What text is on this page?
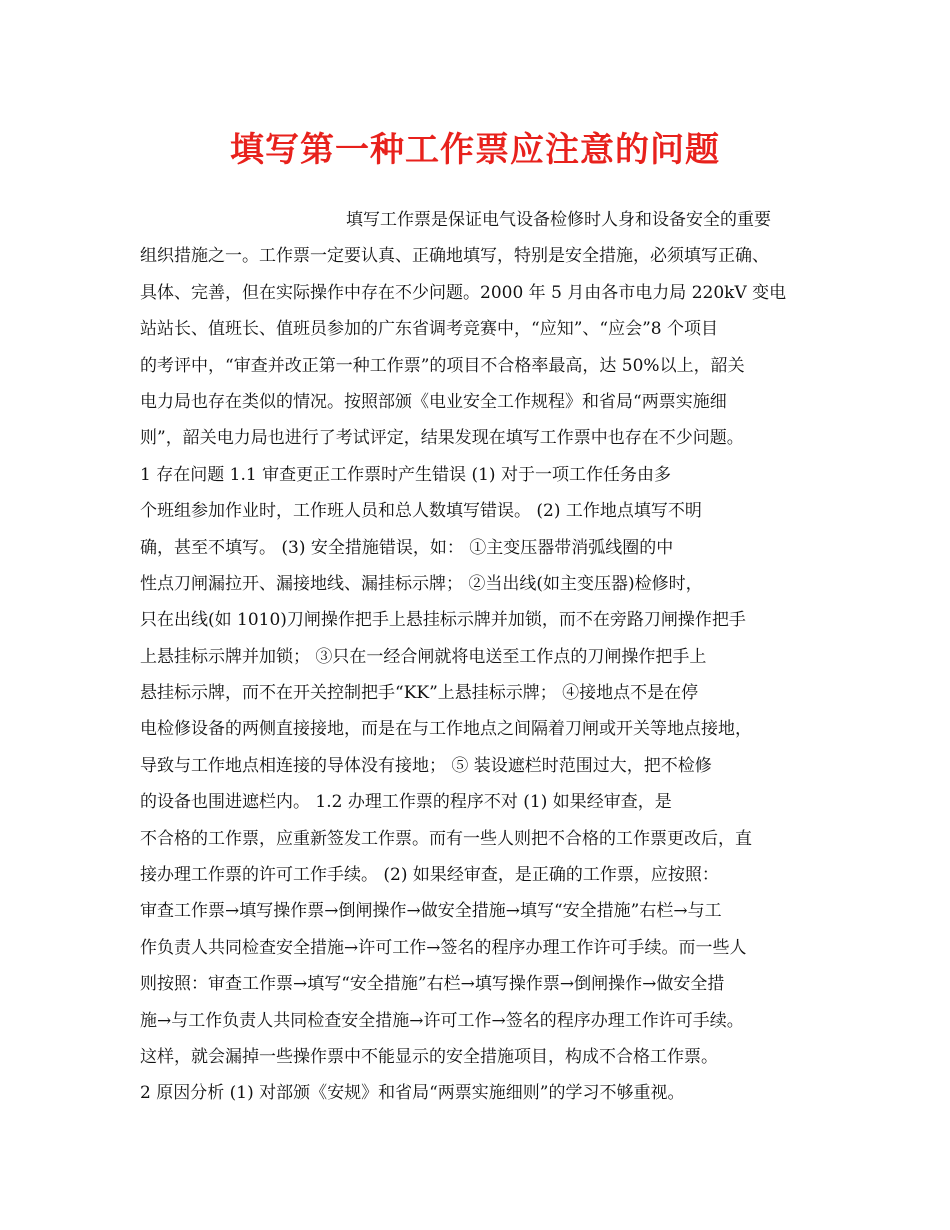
填写第一种工作票应注意的问题
填写工作票是保证电气设备检修时人身和设备安全的重要
组织措施之一。工作票一定要认真、正确地填写，特别是安全措施，必须填写正确、
具体、完善，但在实际操作中存在不少问题。2000 年 5 月由各市电力局 220kV 变电
站站长、值班长、值班员参加的广东省调考竞赛中，“应知”、“应会”8 个项目
的考评中，“审查并改正第一种工作票”的项目不合格率最高，达 50%以上，韶关
电力局也存在类似的情况。按照部颁《电业安全工作规程》和省局“两票实施细
则”，韶关电力局也进行了考试评定，结果发现在填写工作票中也存在不少问题。
1 存在问题 1.1 审查更正工作票时产生错误 (1) 对于一项工作任务由多
个班组参加作业时，工作班人员和总人数填写错误。 (2) 工作地点填写不明
确，甚至不填写。 (3) 安全措施错误，如： ①主变压器带消弧线圈的中
性点刀闸漏拉开、漏接地线、漏挂标示牌； ②当出线(如主变压器)检修时，
只在出线(如 1010)刀闸操作把手上悬挂标示牌并加锁，而不在旁路刀闸操作把手
上悬挂标示牌并加锁； ③只在一经合闸就将电送至工作点的刀闸操作把手上
悬挂标示牌，而不在开关控制把手“KK”上悬挂标示牌； ④接地点不是在停
电检修设备的两侧直接接地，而是在与工作地点之间隔着刀闸或开关等地点接地，
导致与工作地点相连接的导体没有接地； ⑤ 装设遮栏时范围过大，把不检修
的设备也围进遮栏内。 1.2 办理工作票的程序不对 (1) 如果经审查，是
不合格的工作票，应重新签发工作票。而有一些人则把不合格的工作票更改后，直
接办理工作票的许可工作手续。 (2) 如果经审查，是正确的工作票，应按照：
审查工作票→填写操作票→倒闸操作→做安全措施→填写“安全措施”右栏→与工
作负责人共同检查安全措施→许可工作→签名的程序办理工作许可手续。而一些人
则按照：审查工作票→填写“安全措施”右栏→填写操作票→倒闸操作→做安全措
施→与工作负责人共同检查安全措施→许可工作→签名的程序办理工作许可手续。
这样，就会漏掉一些操作票中不能显示的安全措施项目，构成不合格工作票。
2 原因分析 (1) 对部颁《安规》和省局“两票实施细则”的学习不够重视。
